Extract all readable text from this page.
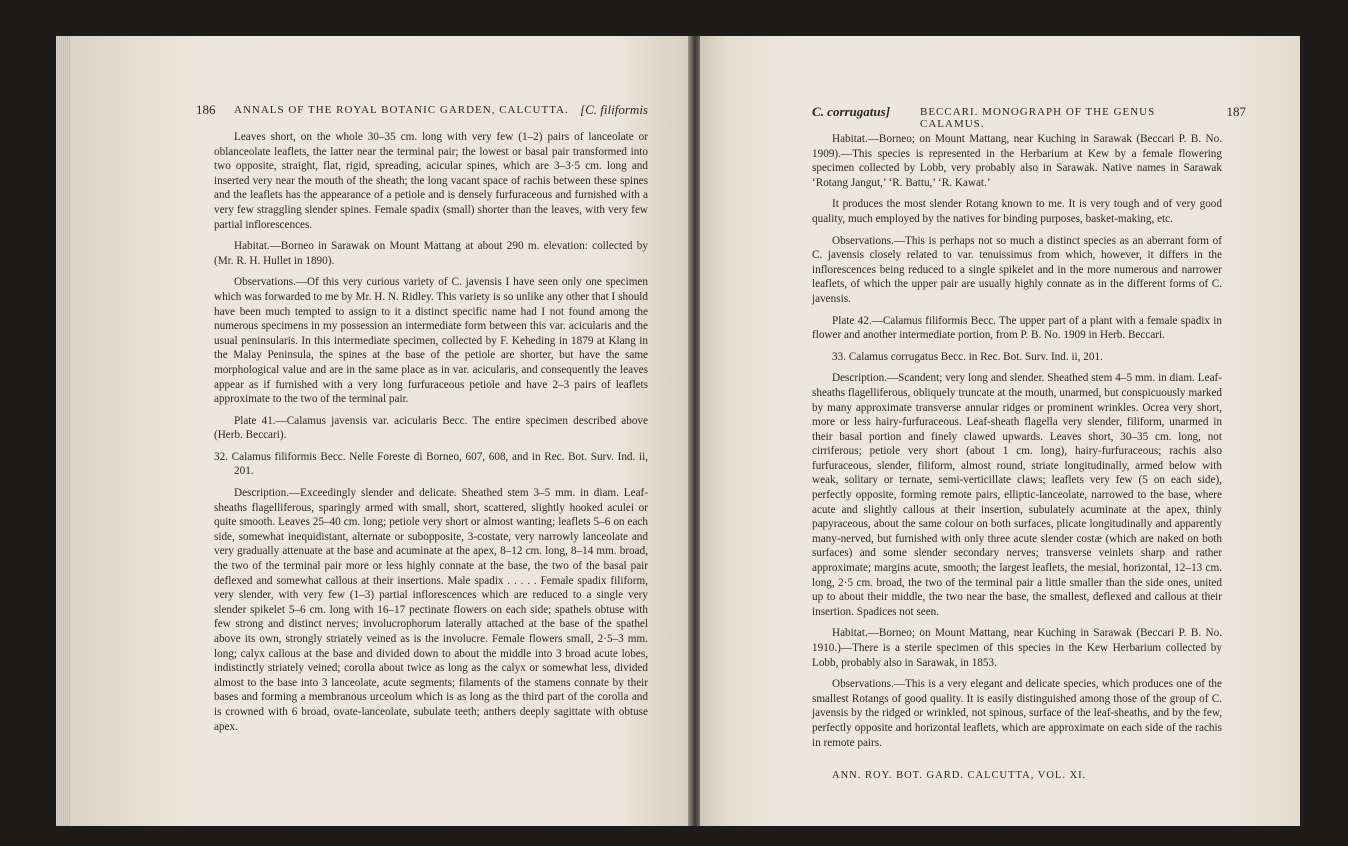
186 ANNALS OF THE ROYAL BOTANIC GARDEN, CALCUTTA. [C. filiformis

Leaves short, on the whole 30–35 cm. long with very few (1–2) pairs of lanceolate or oblanceolate leaflets, the latter near the terminal pair; the lowest or basal pair transformed into two opposite, straight, flat, rigid, spreading, acicular spines, which are 3–3·5 cm. long and inserted very near the mouth of the sheath; the long vacant space of rachis between these spines and the leaflets has the appearance of a petiole and is densely furfuraceous and furnished with a very few straggling slender spines. Female spadix (small) shorter than the leaves, with very few partial inflorescences.

Habitat.—Borneo in Sarawak on Mount Mattang at about 290 m. elevation: collected by (Mr. R. H. Hullet in 1890).

Observations.—Of this very curious variety of C. javensis I have seen only one specimen which was forwarded to me by Mr. H. N. Ridley. This variety is so unlike any other that I should have been much tempted to assign to it a distinct specific name had I not found among the numerous specimens in my possession an intermediate form between this var. acicularis and the usual peninsularis. In this intermediate specimen, collected by F. Keheding in 1879 at Klang in the Malay Peninsula, the spines at the base of the petiole are shorter, but have the same morphological value and are in the same place as in var. acicularis, and consequently the leaves appear as if furnished with a very long furfuraceous petiole and have 2–3 pairs of leaflets approximate to the two of the terminal pair.

Plate 41.—Calamus javensis var. acicularis Becc. The entire specimen described above (Herb. Beccari).

32. Calamus filiformis Becc. Nelle Foreste di Borneo, 607, 608, and in Rec. Bot. Surv. Ind. ii, 201.

Description.—Exceedingly slender and delicate. Sheathed stem 3–5 mm. in diam. Leaf-sheaths flagelliferous, sparingly armed with small, short, scattered, slightly hooked aculei or quite smooth. Leaves 25–40 cm. long; petiole very short or almost wanting; leaflets 5–6 on each side, somewhat inequidistant, alternate or subopposite, 3-costate, very narrowly lanceolate and very gradually attenuate at the base and acuminate at the apex, 8–12 cm. long, 8–14 mm. broad, the two of the terminal pair more or less highly connate at the base, the two of the basal pair deflexed and somewhat callous at their insertions. Male spadix . . . . . Female spadix filiform, very slender, with very few (1–3) partial inflorescences which are reduced to a single very slender spikelet 5–6 cm. long with 16–17 pectinate flowers on each side; spathels obtuse with few strong and distinct nerves; involucrophorum laterally attached at the base of the spathel above its own, strongly striately veined as is the involucre. Female flowers small, 2·5–3 mm. long; calyx callous at the base and divided down to about the middle into 3 broad acute lobes, indistinctly striately veined; corolla about twice as long as the calyx or somewhat less, divided almost to the base into 3 lanceolate, acute segments; filaments of the stamens connate by their bases and forming a membranous urceolum which is as long as the third part of the corolla and is crowned with 6 broad, ovate-lanceolate, subulate teeth; anthers deeply sagittate with obtuse apex.

C. corrugatus]	BECCARI. MONOGRAPH OF THE GENUS CALAMUS.
187

Habitat.—Borneo; on Mount Mattang, near Kuching in Sarawak (Beccari P. B. No. 1909).—This species is represented in the Herbarium at Kew by a female flowering specimen collected by Lobb, very probably also in Sarawak. Native names in Sarawak ‘Rotang Jangut,’ ‘R. Battu,’ ‘R. Kawat.’

It produces the most slender Rotang known to me. It is very tough and of very good quality, much employed by the natives for binding purposes, basket-making, etc.

Observations.—This is perhaps not so much a distinct species as an aberrant form of C. javensis closely related to var. tenuissimus from which, however, it differs in the inflorescences being reduced to a single spikelet and in the more numerous and narrower leaflets, of which the upper pair are usually highly connate as in the different forms of C. javensis.

Plate 42.—Calamus filiformis Becc. The upper part of a plant with a female spadix in flower and another intermediate portion, from P. B. No. 1909 in Herb. Beccari.

33. Calamus corrugatus Becc. in Rec. Bot. Surv. Ind. ii, 201.

Description.—Scandent; very long and slender. Sheathed stem 4–5 mm. in diam. Leaf-sheaths flagelliferous, obliquely truncate at the mouth, unarmed, but conspicuously marked by many approximate transverse annular ridges or prominent wrinkles. Ocrea very short, more or less hairy-furfuraceous. Leaf-sheath flagella very slender, filiform, unarmed in their basal portion and finely clawed upwards. Leaves short, 30–35 cm. long, not cirriferous; petiole very short (about 1 cm. long), hairy-furfuraceous; rachis also furfuraceous, slender, filiform, almost round, striate longitudinally, armed below with weak, solitary or ternate, semi-verticillate claws; leaflets very few (5 on each side), perfectly opposite, forming remote pairs, elliptic-lanceolate, narrowed to the base, where acute and slightly callous at their insertion, subulately acuminate at the apex, thinly papyraceous, about the same colour on both surfaces, plicate longitudinally and apparently many-nerved, but furnished with only three acute slender costæ (which are naked on both surfaces) and some slender secondary nerves; transverse veinlets sharp and rather approximate; margins acute, smooth; the largest leaflets, the mesial, horizontal, 12–13 cm. long, 2·5 cm. broad, the two of the terminal pair a little smaller than the side ones, united up to about their middle, the two near the base, the smallest, deflexed and callous at their insertion. Spadices not seen.

Habitat.—Borneo; on Mount Mattang, near Kuching in Sarawak (Beccari P. B. No. 1910.)—There is a sterile specimen of this species in the Kew Herbarium collected by Lobb, probably also in Sarawak, in 1853.

Observations.—This is a very elegant and delicate species, which produces one of the smallest Rotangs of good quality. It is easily distinguished among those of the group of C. javensis by the ridged or wrinkled, not spinous, surface of the leaf-sheaths, and by the few, perfectly opposite and horizontal leaflets, which are approximate on each side of the rachis in remote pairs.

ANN. ROY. BOT. GARD. CALCUTTA, VOL. XI.
